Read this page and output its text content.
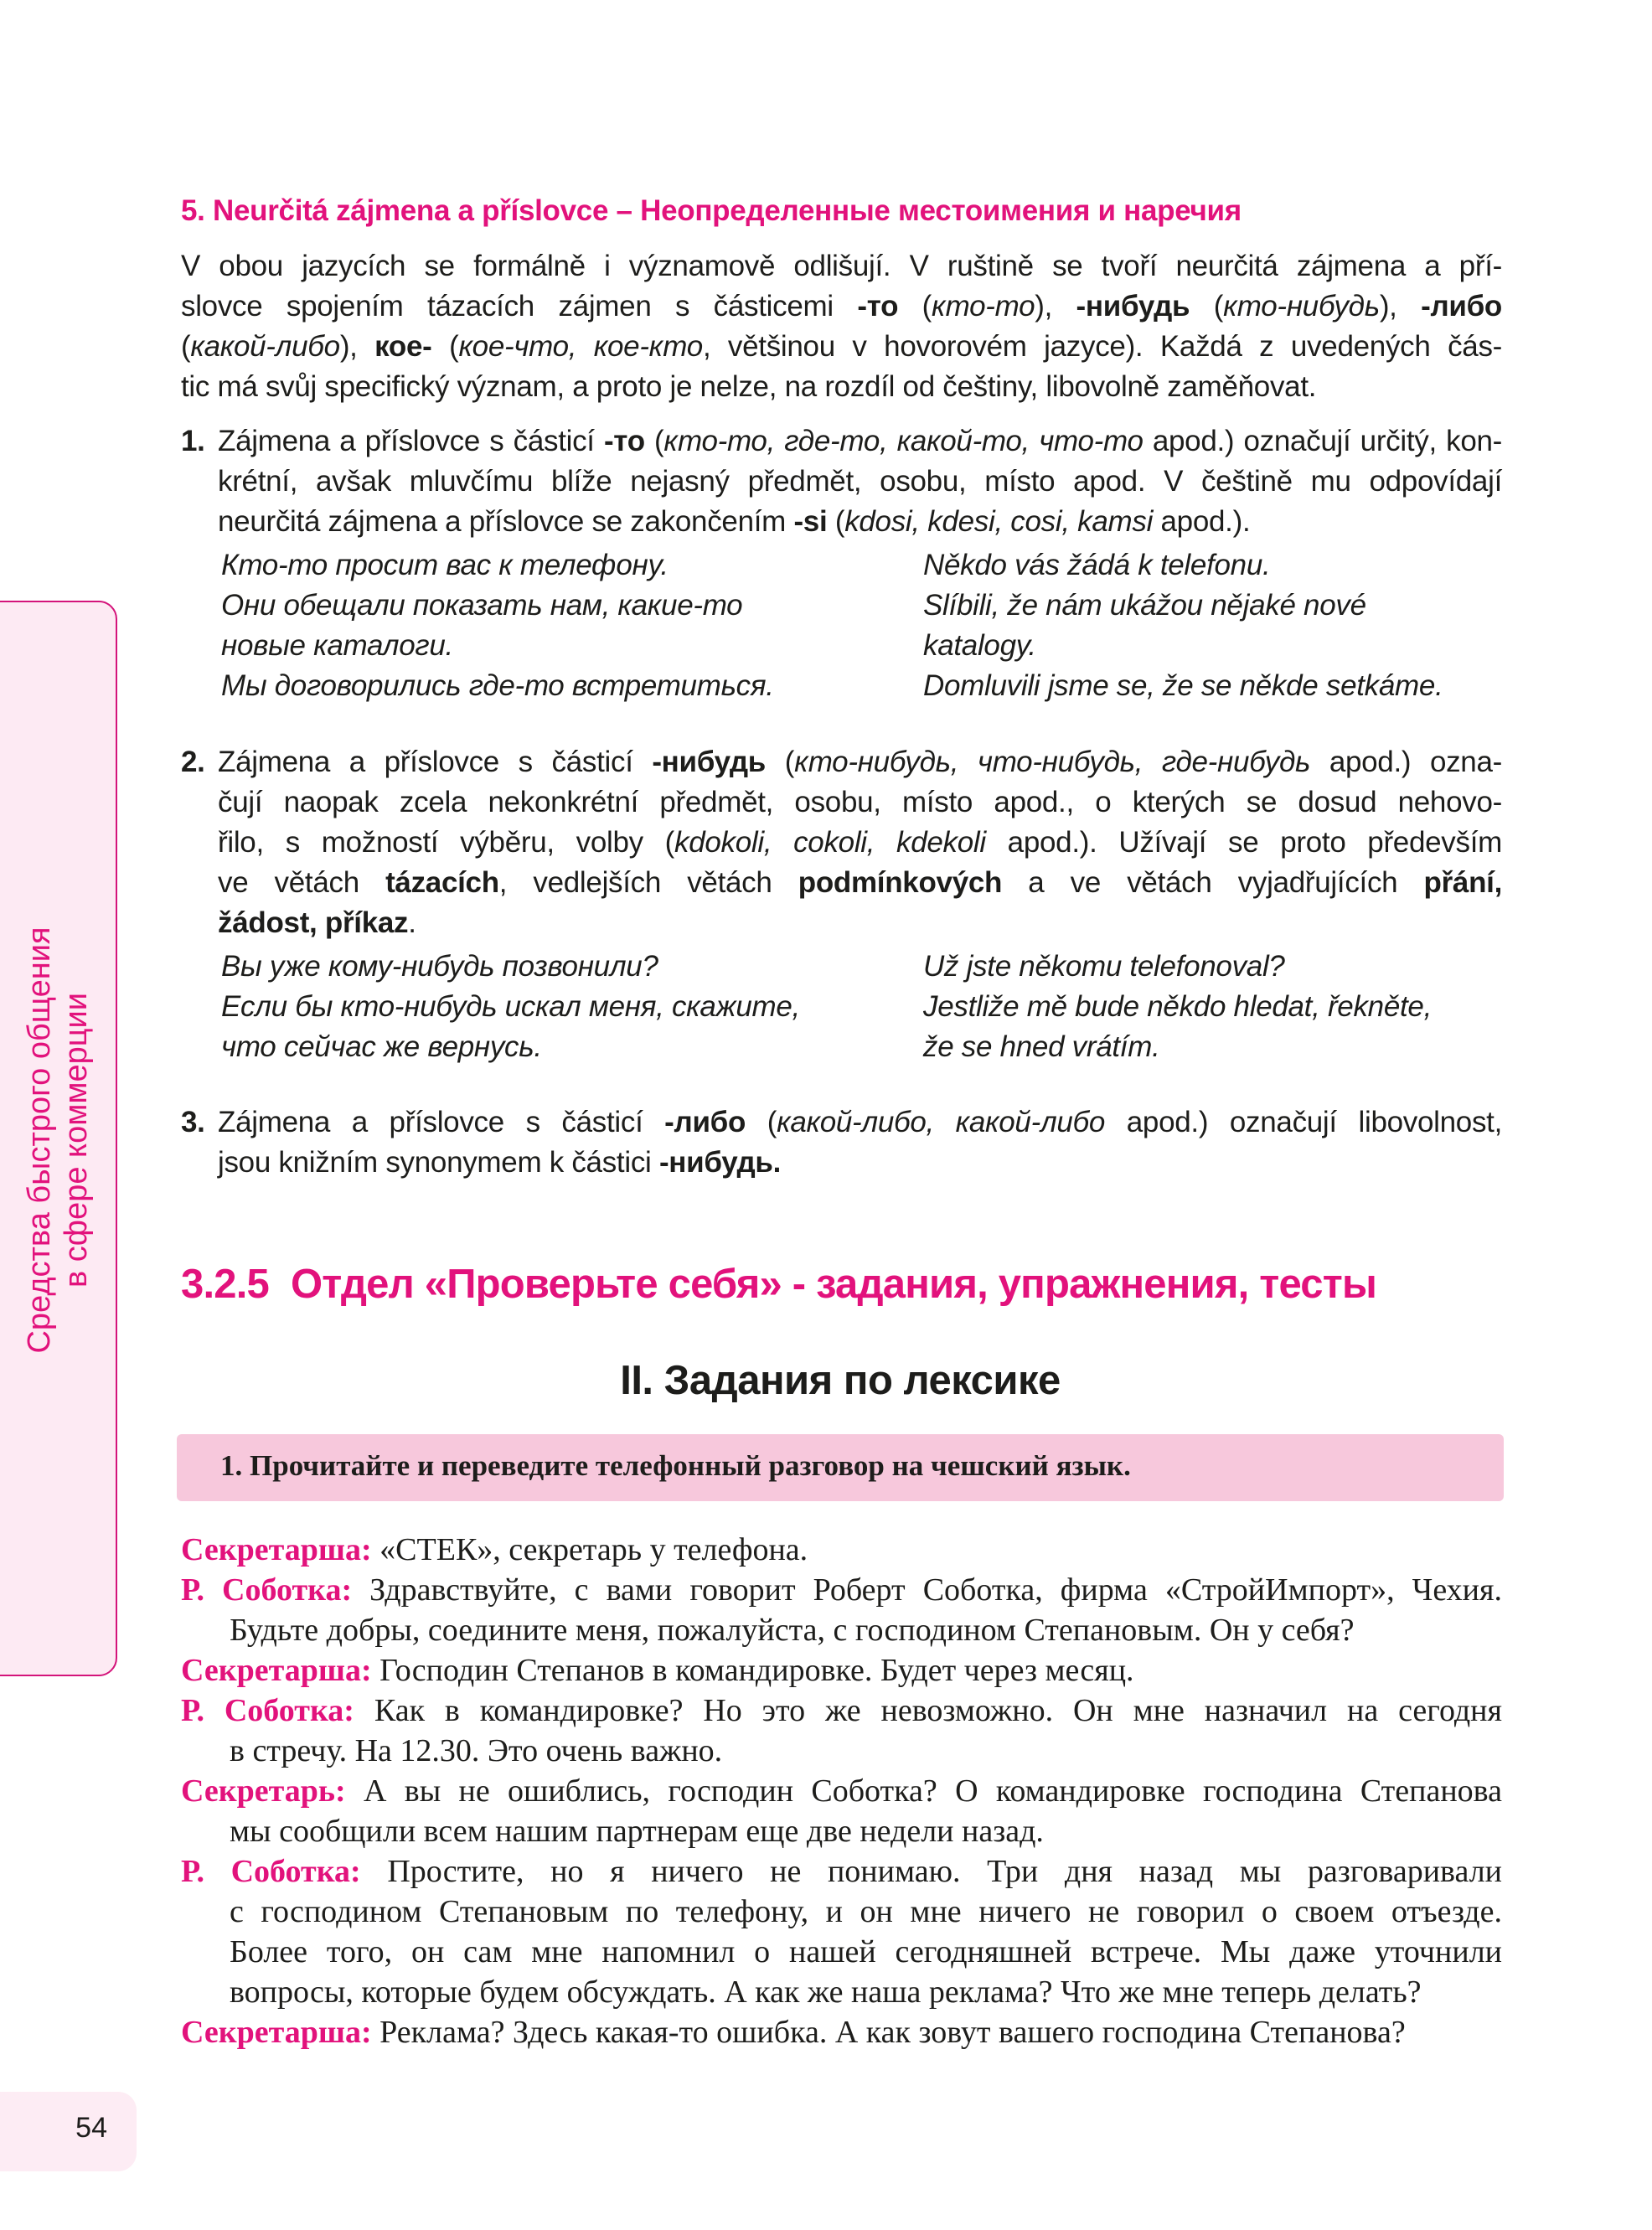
Средства быстрого общения в сфере коммерции
5. Neurčitá zájmena a příslovce – Неопределенные местоимения и наречия
V obou jazycích se formálně i významově odlišují. V ruštině se tvoří neurčitá zájmena a pří-
slovce spojením tázacích zájmen s částicemi -то (кто-то), -нибудь (кто-нибудь), -либо
(какой-либо), кое- (кое-что, кое-кто, většinou v hovorovém jazyce). Každá z uvedených čás-
tic má svůj specifický význam, a proto je nelze, na rozdíl od češtiny, libovolně zaměňovat.
1. Zájmena a příslovce s částicí -то (кто-то, где-то, какой-то, что-то apod.) označují určitý, kon-
krétní, avšak mluvčímu blíže nejasný předmět, osobu, místo apod. V češtině mu odpovídají
neurčitá zájmena a příslovce se zakončením -si (kdosi, kdesi, cosi, kamsi apod.).
Кто-то просит вас к телефону.
Они обещали показать нам, какие-то
новые каталоги.
Мы договорились где-то встретиться.
Někdo vás žádá k telefonu.
Slíbili, že nám ukážou nějaké nové
katalogy.
Domluvili jsme se, že se někde setkáme.
2. Zájmena a příslovce s částicí -нибудь (кто-нибудь, что-нибудь, где-нибудь apod.) ozna-
čují naopak zcela nekonkrétní předmět, osobu, místo apod., o kterých se dosud nehovo-
řilo, s možností výběru, volby (kdokoli, cokoli, kdekoli apod.). Užívají se proto především
ve větách tázacích, vedlejších větách podmínkových a ve větách vyjadřujících přání,
žádost, příkaz.
Вы уже кому-нибудь позвонили?
Если бы кто-нибудь искал меня, скажите,
что сейчас же вернусь.
Už jste někomu telefonoval?
Jestliže mě bude někdo hledat, řekněte,
že se hned vrátím.
3. Zájmena a příslovce s částicí -либо (какой-либо, какой-либо apod.) označují libovolnost,
jsou knižním synonymem k částici -нибудь.
3.2.5 Отдел «Проверьте себя» - задания, упражнения, тесты
II. Задания по лексике
1. Прочитайте и переведите телефонный разговор на чешский язык.
Секретарша: «СТЕК», секретарь у телефона.
Р. Соботка: Здравствуйте, с вами говорит Роберт Соботка, фирма «СтройИмпорт», Чехия.
Будьте добры, соедините меня, пожалуйста, с господином Степановым. Он у себя?
Секретарша: Господин Степанов в командировке. Будет через месяц.
Р. Соботка: Как в командировке? Но это же невозможно. Он мне назначил на сегодня
в стречу. На 12.30. Это очень важно.
Секретарь: А вы не ошиблись, господин Соботка? О командировке господина Степанова
мы сообщили всем нашим партнерам еще две недели назад.
Р. Соботка: Простите, но я ничего не понимаю. Три дня назад мы разговаривали
с господином Степановым по телефону, и он мне ничего не говорил о своем отъезде.
Более того, он сам мне напомнил о нашей сегодняшней встрече. Мы даже уточнили
вопросы, которые будем обсуждать. А как же наша реклама? Что же мне теперь делать?
Секретарша: Реклама? Здесь какая-то ошибка. А как зовут вашего господина Степанова?
54
